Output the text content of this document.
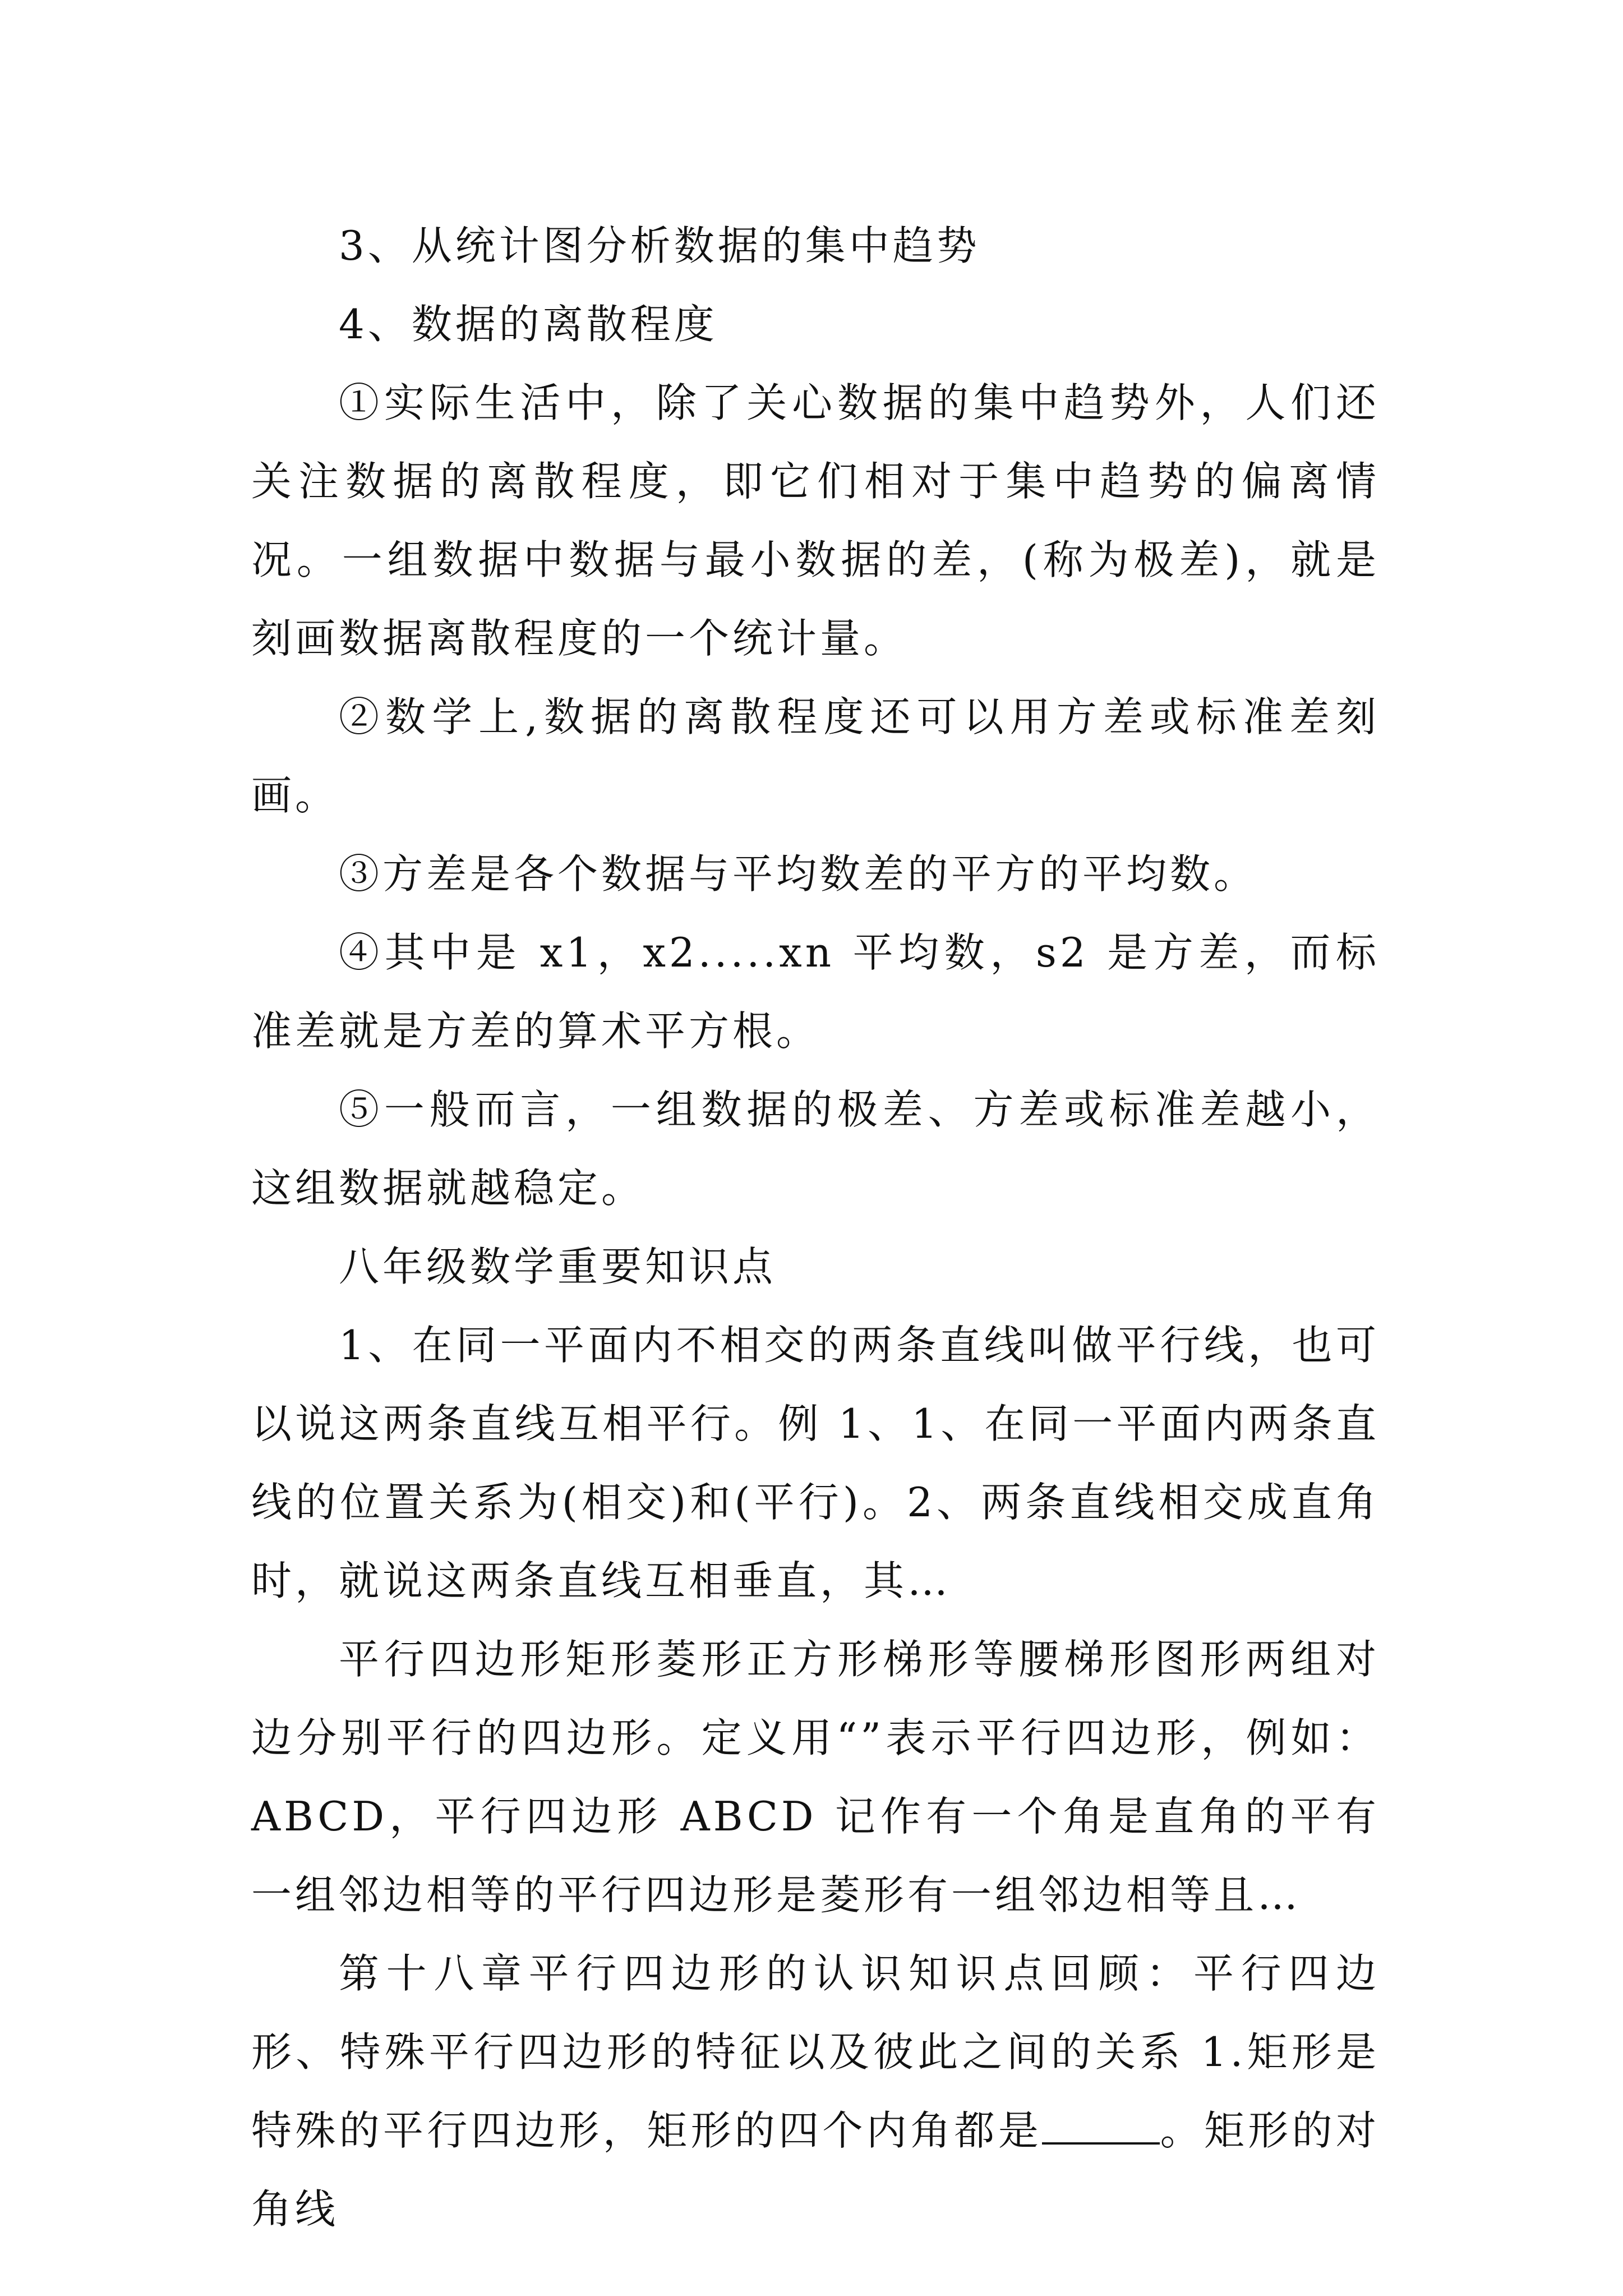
3、从统计图分析数据的集中趋势

4、数据的离散程度

①实际生活中，除了关心数据的集中趋势外，人们还关注数据的离散程度，即它们相对于集中趋势的偏离情况。一组数据中数据与最小数据的差，(称为极差)，就是刻画数据离散程度的一个统计量。

②数学上,数据的离散程度还可以用方差或标准差刻画。

③方差是各个数据与平均数差的平方的平均数。

④其中是 x1，x2.....xn 平均数，s2 是方差，而标准差就是方差的算术平方根。

⑤一般而言，一组数据的极差、方差或标准差越小，这组数据就越稳定。

八年级数学重要知识点

1、在同一平面内不相交的两条直线叫做平行线，也可以说这两条直线互相平行。例 1、1、在同一平面内两条直线的位置关系为(相交)和(平行)。2、两条直线相交成直角时，就说这两条直线互相垂直，其…

平行四边形矩形菱形正方形梯形等腰梯形图形两组对边分别平行的四边形。定义用“”表示平行四边形，例如：ABCD，平行四边形 ABCD 记作有一个角是直角的平有一组邻边相等的平行四边形是菱形有一组邻边相等且…

第十八章平行四边形的认识知识点回顾：平行四边形、特殊平行四边形的特征以及彼此之间的关系 1.矩形是特殊的平行四边形，矩形的四个内角都是	。矩形的对角线
